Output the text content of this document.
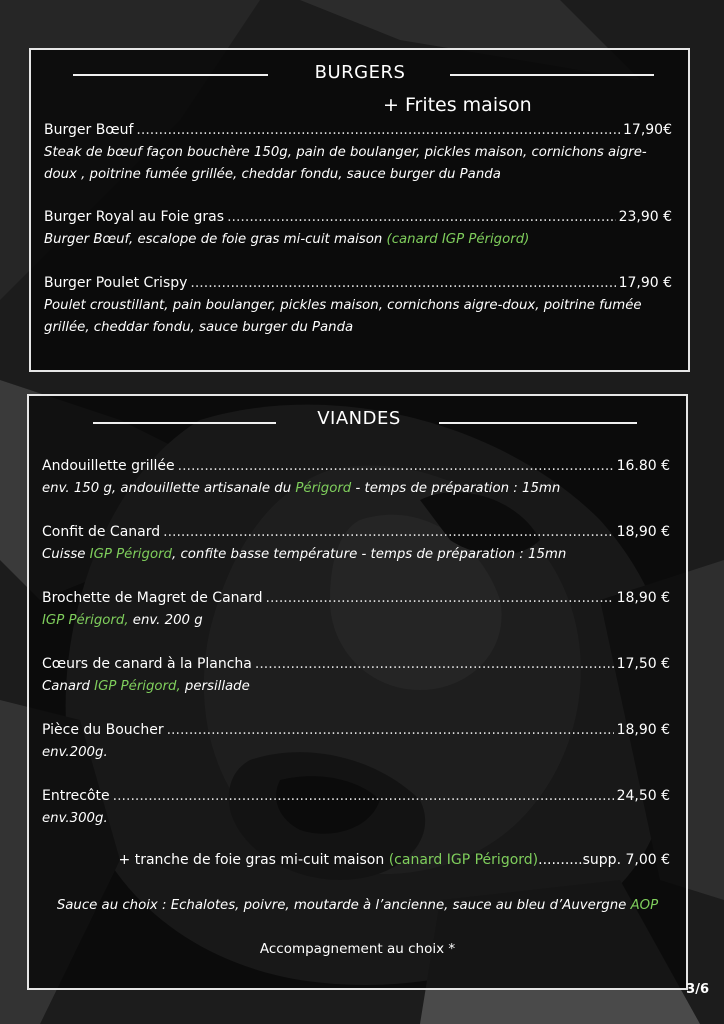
BURGERS
+ Frites maison
Burger Bœuf .....	17,90€
Steak de bœuf façon bouchère 150g, pain de boulanger, pickles maison, cornichons aigre-doux , poitrine fumée grillée, cheddar fondu, sauce burger du Panda
Burger Royal au Foie gras .....	23,90 €
Burger Bœuf, escalope de foie gras mi-cuit maison (canard IGP Périgord)
Burger Poulet Crispy .....	17,90 €
Poulet croustillant, pain boulanger, pickles maison, cornichons aigre-doux, poitrine fumée grillée, cheddar fondu, sauce burger du Panda
VIANDES
Andouillette grillée .....	16.80 €
env. 150 g, andouillette artisanale du Périgord - temps de préparation : 15mn
Confit de Canard .....	18,90 €
Cuisse IGP Périgord, confite basse température - temps de préparation : 15mn
Brochette de Magret de Canard .....	18,90 €
IGP Périgord, env. 200 g
Cœurs de canard à la Plancha .....	17,50 €
Canard IGP Périgord, persillade
Pièce du Boucher .....	18,90 €
env.200g.
Entrecôte .....	24,50 €
env.300g.
+ tranche de foie gras mi-cuit maison (canard IGP Périgord)..........supp. 7,00 €
Sauce au choix : Echalotes, poivre, moutarde à l’ancienne, sauce au bleu d’Auvergne AOP
Accompagnement au choix *
3/6
